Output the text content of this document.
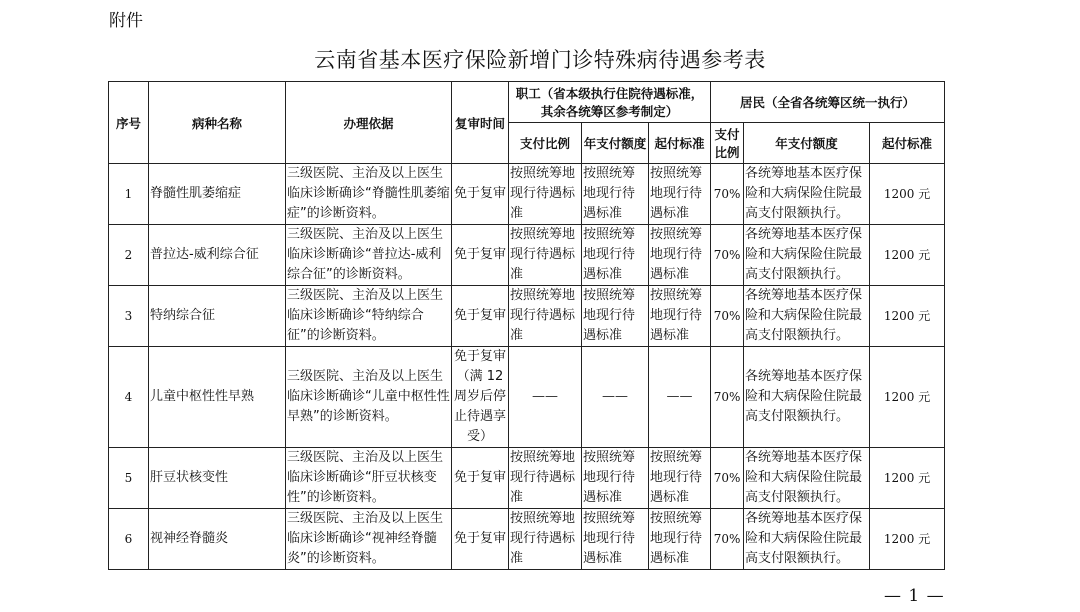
附件
云南省基本医疗保险新增门诊特殊病待遇参考表
序号	病种名称	办理依据	复审时间	职工（省本级执行住院待遇标准，其余各统筹区参考制定）			居民（全省各统筹区统一执行）		
				支付比例	年支付额度	起付标准	支付比例	年支付额度	起付标准
1	脊髓性肌萎缩症	三级医院、主治及以上医生临床诊断确诊“脊髓性肌萎缩症”的诊断资料。	免于复审	按照统筹地现行待遇标准	按照统筹地现行待遇标准	按照统筹地现行待遇标准	70%	各统筹地基本医疗保险和大病保险住院最高支付限额执行。	1200 元
2	普拉达-威利综合征	三级医院、主治及以上医生临床诊断确诊“普拉达-威利综合征”的诊断资料。	免于复审	按照统筹地现行待遇标准	按照统筹地现行待遇标准	按照统筹地现行待遇标准	70%	各统筹地基本医疗保险和大病保险住院最高支付限额执行。	1200 元
3	特纳综合征	三级医院、主治及以上医生临床诊断确诊“特纳综合征”的诊断资料。	免于复审	按照统筹地现行待遇标准	按照统筹地现行待遇标准	按照统筹地现行待遇标准	70%	各统筹地基本医疗保险和大病保险住院最高支付限额执行。	1200 元
4	儿童中枢性性早熟	三级医院、主治及以上医生临床诊断确诊“儿童中枢性性早熟”的诊断资料。	免于复审（满 12 周岁后停止待遇享受）	——	——	——	70%	各统筹地基本医疗保险和大病保险住院最高支付限额执行。	1200 元
5	肝豆状核变性	三级医院、主治及以上医生临床诊断确诊“肝豆状核变性”的诊断资料。	免于复审	按照统筹地现行待遇标准	按照统筹地现行待遇标准	按照统筹地现行待遇标准	70%	各统筹地基本医疗保险和大病保险住院最高支付限额执行。	1200 元
6	视神经脊髓炎	三级医院、主治及以上医生临床诊断确诊“视神经脊髓炎”的诊断资料。	免于复审	按照统筹地现行待遇标准	按照统筹地现行待遇标准	按照统筹地现行待遇标准	70%	各统筹地基本医疗保险和大病保险住院最高支付限额执行。	1200 元
— 1 —
